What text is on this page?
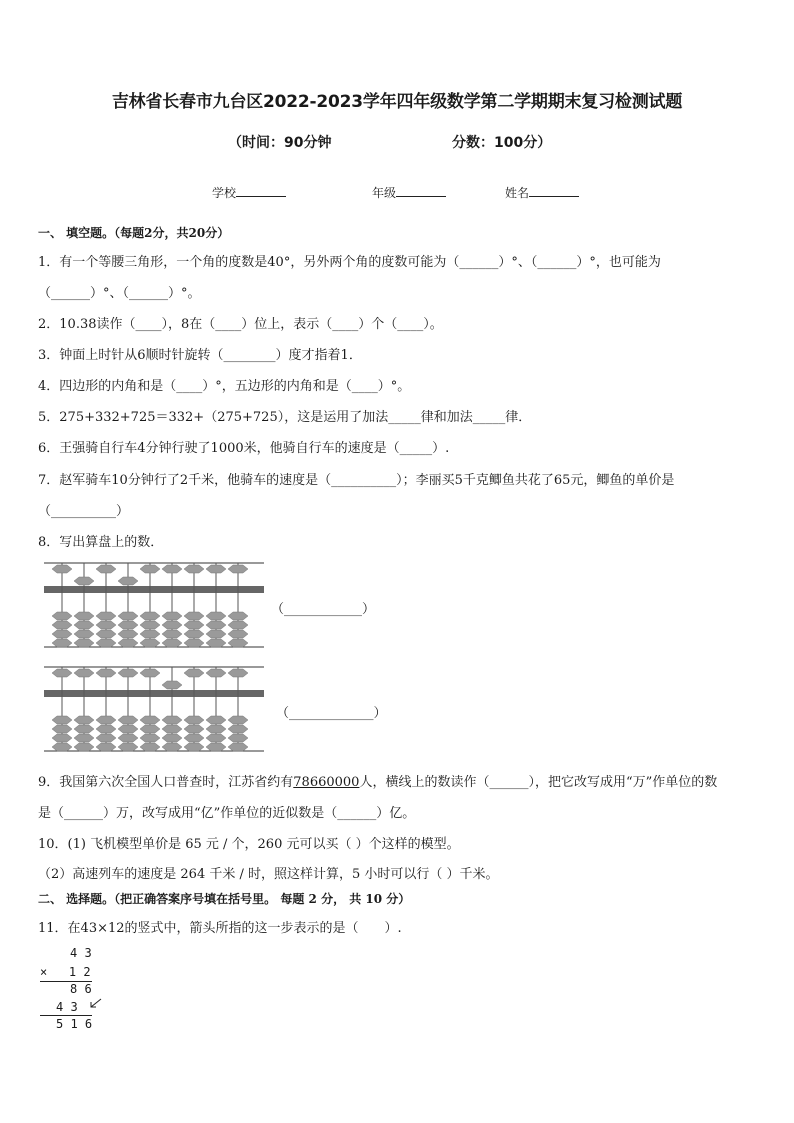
吉林省长春市九台区2022-2023学年四年级数学第二学期期末复习检测试题
（时间：90分钟	分数：100分）
学校	年级	姓名
一、 填空题。（每题2分，共20分）
1．有一个等腰三角形，一个角的度数是40°，另外两个角的度数可能为（______）°、（______）°，也可能为
（______）°、（______）°。
2．10.38读作（____），8在（____）位上，表示（____）个（____）。
3．钟面上时针从6顺时针旋转（________）度才指着1．
4．四边形的内角和是（____）°，五边形的内角和是（____）°。
5．275+332+725＝332+（275+725），这是运用了加法_____律和加法_____律．
6．王强骑自行车4分钟行驶了1000米，他骑自行车的速度是（_____）.
7．赵军骑车10分钟行了2千米，他骑车的速度是（__________）；李丽买5千克鲫鱼共花了65元，鲫鱼的单价是
（__________）
8．写出算盘上的数．
（____________）
（_____________）
9．我国第六次全国人口普查时，江苏省约有78660000人，横线上的数读作（______），把它改写成用“万”作单位的数
是（______）万，改写成用“亿”作单位的近似数是（______）亿。
10．(1) 飞机模型单价是 65 元 / 个，260 元可以买（ ）个这样的模型。
（2）高速列车的速度是 264 千米 / 时，照这样计算，5 小时可以行（ ）千米。
二、 选择题。（把正确答案序号填在括号里。 每题 2 分， 共 10 分）
11．在43×12的竖式中，箭头所指的这一步表示的是（　　）.
4 3
×   1 2
8 6
4 3
5 1 6
